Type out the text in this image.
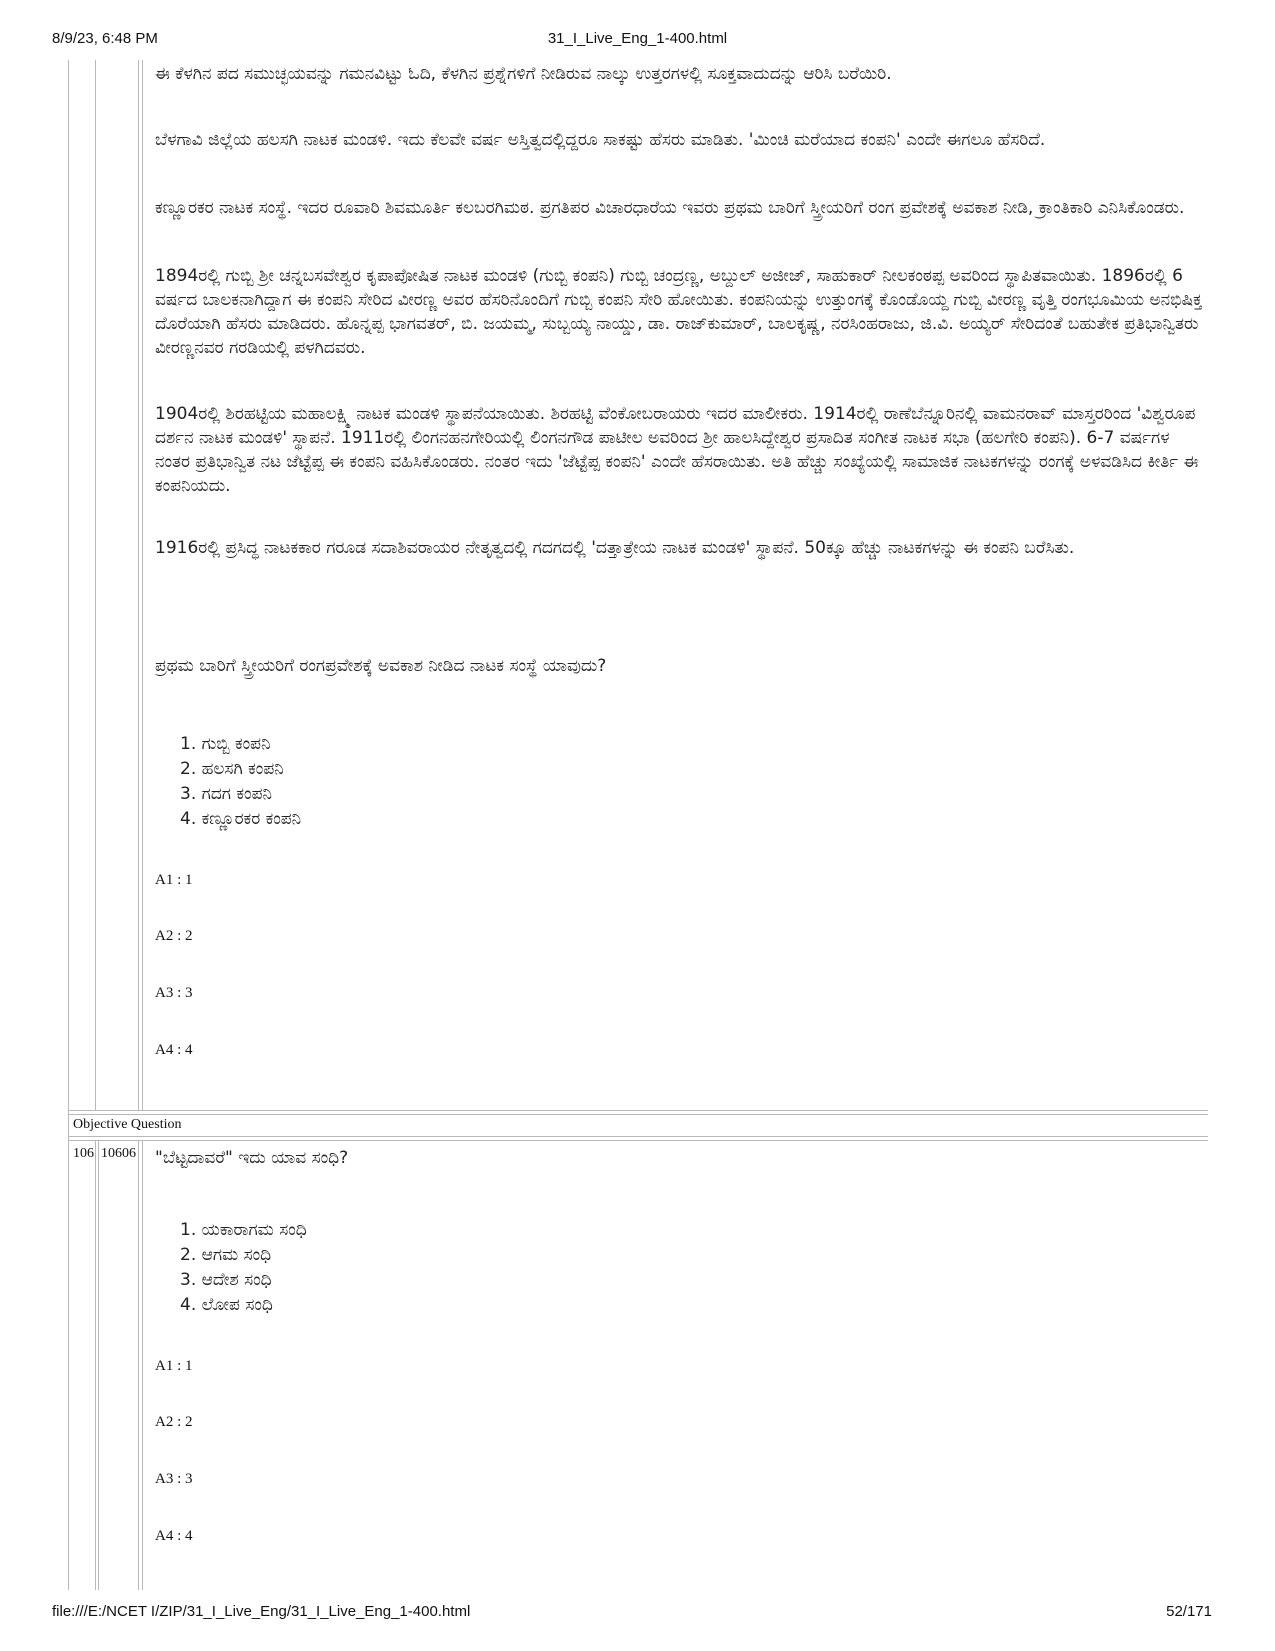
8/9/23, 6:48 PM	31_I_Live_Eng_1-400.html
file:///E:/NCET I/ZIP/31_I_Live_Eng/31_I_Live_Eng_1-400.html	52/171

ಈ ಕೆಳಗಿನ ಪದ ಸಮುಚ್ಛಯವನ್ನು ಗಮನವಿಟ್ಟು ಓದಿ, ಕೆಳಗಿನ ಪ್ರಶ್ನೆಗಳಿಗೆ ನೀಡಿರುವ ನಾಲ್ಕು ಉತ್ತರಗಳಲ್ಲಿ ಸೂಕ್ತವಾದುದನ್ನು ಆರಿಸಿ ಬರೆಯಿರಿ.

ಬೆಳಗಾವಿ ಜಿಲ್ಲೆಯ ಹಲಸಗಿ ನಾಟಕ ಮಂಡಳಿ. ಇದು ಕೆಲವೇ ವರ್ಷ ಅಸ್ತಿತ್ವದಲ್ಲಿದ್ದರೂ ಸಾಕಷ್ಟು ಹೆಸರು ಮಾಡಿತು. 'ಮಿಂಚಿ ಮರೆಯಾದ ಕಂಪನಿ' ಎಂದೇ ಈಗಲೂ ಹೆಸರಿದೆ.

ಕಣ್ಣೂರಕರ ನಾಟಕ ಸಂಸ್ಥೆ. ಇದರ ರೂವಾರಿ ಶಿವಮೂರ್ತಿ ಕಲಬರಗಿಮಠ. ಪ್ರಗತಿಪರ ವಿಚಾರಧಾರೆಯ ಇವರು ಪ್ರಥಮ ಬಾರಿಗೆ ಸ್ತ್ರೀಯರಿಗೆ ರಂಗ ಪ್ರವೇಶಕ್ಕೆ ಅವಕಾಶ ನೀಡಿ, ಕ್ರಾಂತಿಕಾರಿ ಎನಿಸಿಕೊಂಡರು.

1894ರಲ್ಲಿ ಗುಬ್ಬಿ ಶ್ರೀ ಚನ್ನಬಸವೇಶ್ವರ ಕೃಪಾಪೋಷಿತ ನಾಟಕ ಮಂಡಳಿ (ಗುಬ್ಬಿ ಕಂಪನಿ) ಗುಬ್ಬಿ ಚಂದ್ರಣ್ಣ, ಅಬ್ದುಲ್ ಅಜೀಜ್, ಸಾಹುಕಾರ್ ನೀಲಕಂಠಪ್ಪ ಅವರಿಂದ ಸ್ಥಾಪಿತವಾಯಿತು. 1896ರಲ್ಲಿ 6 ವರ್ಷದ ಬಾಲಕನಾಗಿದ್ದಾಗ ಈ ಕಂಪನಿ ಸೇರಿದ ವೀರಣ್ಣ ಅವರ ಹೆಸರಿನೊಂದಿಗೆ ಗುಬ್ಬಿ ಕಂಪನಿ ಸೇರಿ ಹೋಯಿತು. ಕಂಪನಿಯನ್ನು ಉತ್ತುಂಗಕ್ಕೆ ಕೊಂಡೊಯ್ದ ಗುಬ್ಬಿ ವೀರಣ್ಣ ವೃತ್ತಿ ರಂಗಭೂಮಿಯ ಅನಭಿಷಿಕ್ತ ದೊರೆಯಾಗಿ ಹೆಸರು ಮಾಡಿದರು. ಹೊನ್ನಪ್ಪ ಭಾಗವತರ್, ಬಿ. ಜಯಮ್ಮ, ಸುಬ್ಬಯ್ಯ ನಾಯ್ಡು, ಡಾ. ರಾಜ್‌ಕುಮಾರ್, ಬಾಲಕೃಷ್ಣ, ನರಸಿಂಹರಾಜು, ಜಿ.ವಿ. ಅಯ್ಯರ್ ಸೇರಿದಂತೆ ಬಹುತೇಕ ಪ್ರತಿಭಾನ್ವಿತರು ವೀರಣ್ಣನವರ ಗರಡಿಯಲ್ಲಿ ಪಳಗಿದವರು.

1904ರಲ್ಲಿ ಶಿರಹಟ್ಟಿಯ ಮಹಾಲಕ್ಷ್ಮಿ ನಾಟಕ ಮಂಡಳಿ ಸ್ಥಾಪನೆಯಾಯಿತು. ಶಿರಹಟ್ಟಿ ವೆಂಕೋಬರಾಯರು ಇದರ ಮಾಲೀಕರು. 1914ರಲ್ಲಿ ರಾಣೆಬೆನ್ನೂರಿನಲ್ಲಿ ವಾಮನರಾವ್ ಮಾಸ್ತರರಿಂದ 'ವಿಶ್ವರೂಪ ದರ್ಶನ ನಾಟಕ ಮಂಡಳಿ' ಸ್ಥಾಪನೆ. 1911ರಲ್ಲಿ ಲಿಂಗನಹನಗೇರಿಯಲ್ಲಿ ಲಿಂಗನಗೌಡ ಪಾಟೀಲ ಅವರಿಂದ ಶ್ರೀ ಹಾಲಸಿದ್ದೇಶ್ವರ ಪ್ರಸಾದಿತ ಸಂಗೀತ ನಾಟಕ ಸಭಾ (ಹಲಗೇರಿ ಕಂಪನಿ). 6-7 ವರ್ಷಗಳ ನಂತರ ಪ್ರತಿಭಾನ್ವಿತ ನಟ ಜೆಟ್ಟೆಪ್ಪ ಈ ಕಂಪನಿ ವಹಿಸಿಕೊಂಡರು. ನಂತರ ಇದು 'ಜೆಟ್ಟೆಪ್ಪ ಕಂಪನಿ' ಎಂದೇ ಹೆಸರಾಯಿತು. ಅತಿ ಹೆಚ್ಚು ಸಂಖ್ಯೆಯಲ್ಲಿ ಸಾಮಾಜಿಕ ನಾಟಕಗಳನ್ನು ರಂಗಕ್ಕೆ ಅಳವಡಿಸಿದ ಕೀರ್ತಿ ಈ ಕಂಪನಿಯದು.

1916ರಲ್ಲಿ ಪ್ರಸಿದ್ಧ ನಾಟಕಕಾರ ಗರೂಡ ಸದಾಶಿವರಾಯರ ನೇತೃತ್ವದಲ್ಲಿ ಗದಗದಲ್ಲಿ 'ದತ್ತಾತ್ರೇಯ ನಾಟಕ ಮಂಡಳಿ' ಸ್ಥಾಪನೆ. 50ಕ್ಕೂ ಹೆಚ್ಚು ನಾಟಕಗಳನ್ನು ಈ ಕಂಪನಿ ಬರೆಸಿತು.

ಪ್ರಥಮ ಬಾರಿಗೆ ಸ್ತ್ರೀಯರಿಗೆ ರಂಗಪ್ರವೇಶಕ್ಕೆ ಅವಕಾಶ ನೀಡಿದ ನಾಟಕ ಸಂಸ್ಥೆ ಯಾವುದು?

1. ಗುಬ್ಬಿ ಕಂಪನಿ
2. ಹಲಸಗಿ ಕಂಪನಿ
3. ಗದಗ ಕಂಪನಿ
4. ಕಣ್ಣೂರಕರ ಕಂಪನಿ
A1 : 1
A2 : 2
A3 : 3
A4 : 4
Objective Question
106 10606 "ಬೆಟ್ಟದಾವರೆ" ಇದು ಯಾವ ಸಂಧಿ?

1. ಯಕಾರಾಗಮ ಸಂಧಿ
2. ಆಗಮ ಸಂಧಿ
3. ಆದೇಶ ಸಂಧಿ
4. ಲೋಪ ಸಂಧಿ
A1 : 1
A2 : 2
A3 : 3
A4 : 4
